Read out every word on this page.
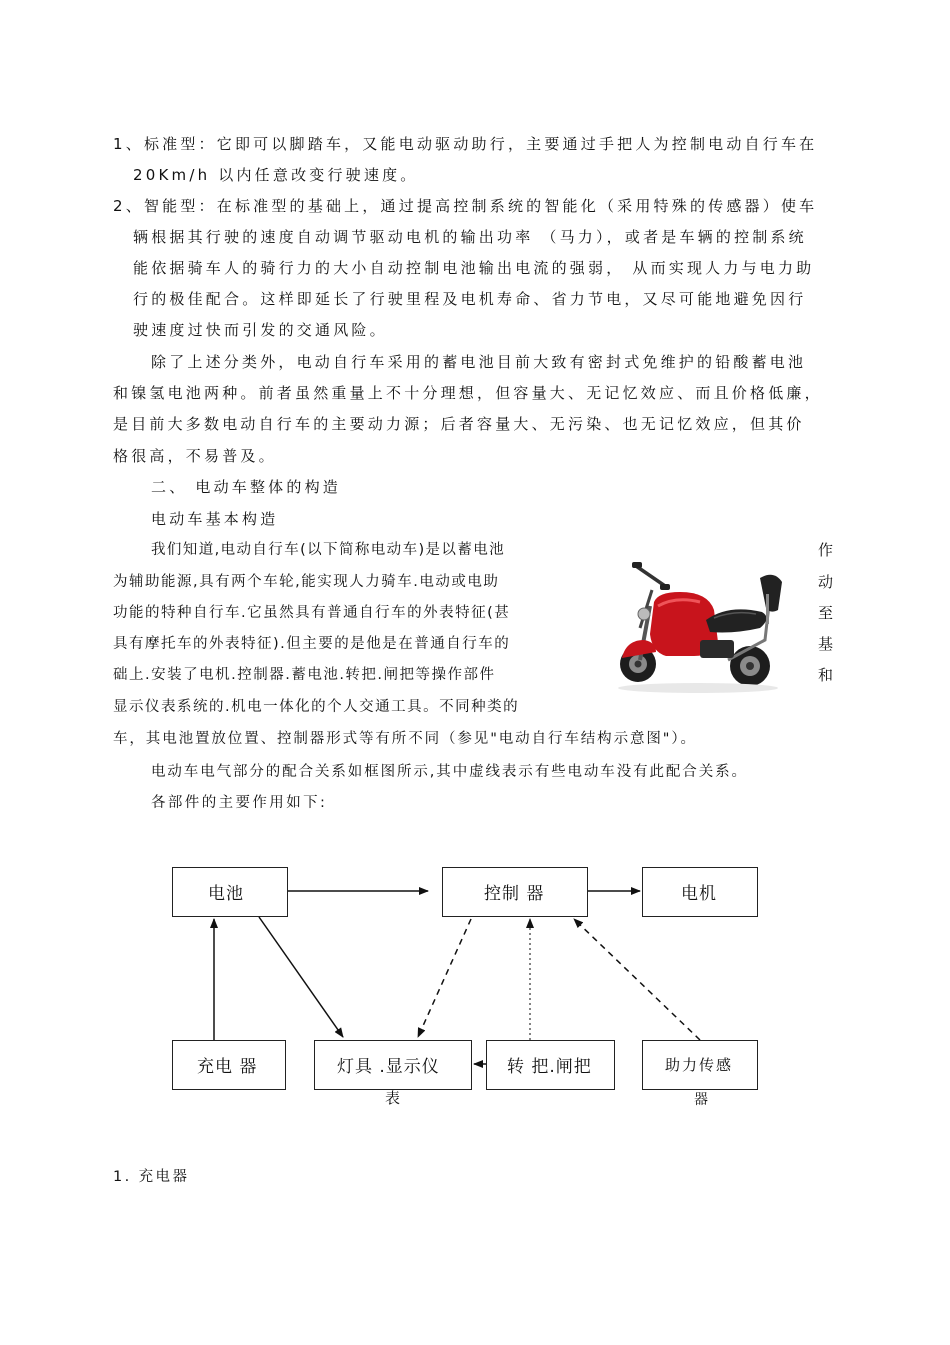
1、标准型：它即可以脚踏车，又能电动驱动助行，主要通过手把人为控制电动自行车在
20Km/h 以内任意改变行驶速度。
2、智能型：在标准型的基础上，通过提高控制系统的智能化（采用特殊的传感器）使车
辆根据其行驶的速度自动调节驱动电机的输出功率 （马力），或者是车辆的控制系统
能依据骑车人的骑行力的大小自动控制电池输出电流的强弱， 从而实现人力与电力助
行的极佳配合。这样即延长了行驶里程及电机寿命、省力节电，又尽可能地避免因行
驶速度过快而引发的交通风险。
除了上述分类外，电动自行车采用的蓄电池目前大致有密封式免维护的铅酸蓄电池
和镍氢电池两种。前者虽然重量上不十分理想，但容量大、无记忆效应、而且价格低廉，
是目前大多数电动自行车的主要动力源；后者容量大、无污染、也无记忆效应，但其价
格很高，不易普及。
二、 电动车整体的构造
电动车基本构造
我们知道,电动自行车(以下简称电动车)是以蓄电池	作
为辅助能源,具有两个车轮,能实现人力骑车.电动或电助	动
功能的特种自行车.它虽然具有普通自行车的外表特征(甚	至
具有摩托车的外表特征).但主要的是他是在普通自行车的	基
础上.安装了电机.控制器.蓄电池.转把.闸把等操作部件	和
显示仪表系统的.机电一体化的个人交通工具。不同种类的
车，其电池置放位置、控制器形式等有所不同（参见"电动自行车结构示意图"）。
电动车电气部分的配合关系如框图所示,其中虚线表示有些电动车没有此配合关系。
各部件的主要作用如下:
电池	控制 器	电机
充电 器	灯具 .显示仪
表
转 把.闸把	助力传感
器
1. 充电器
